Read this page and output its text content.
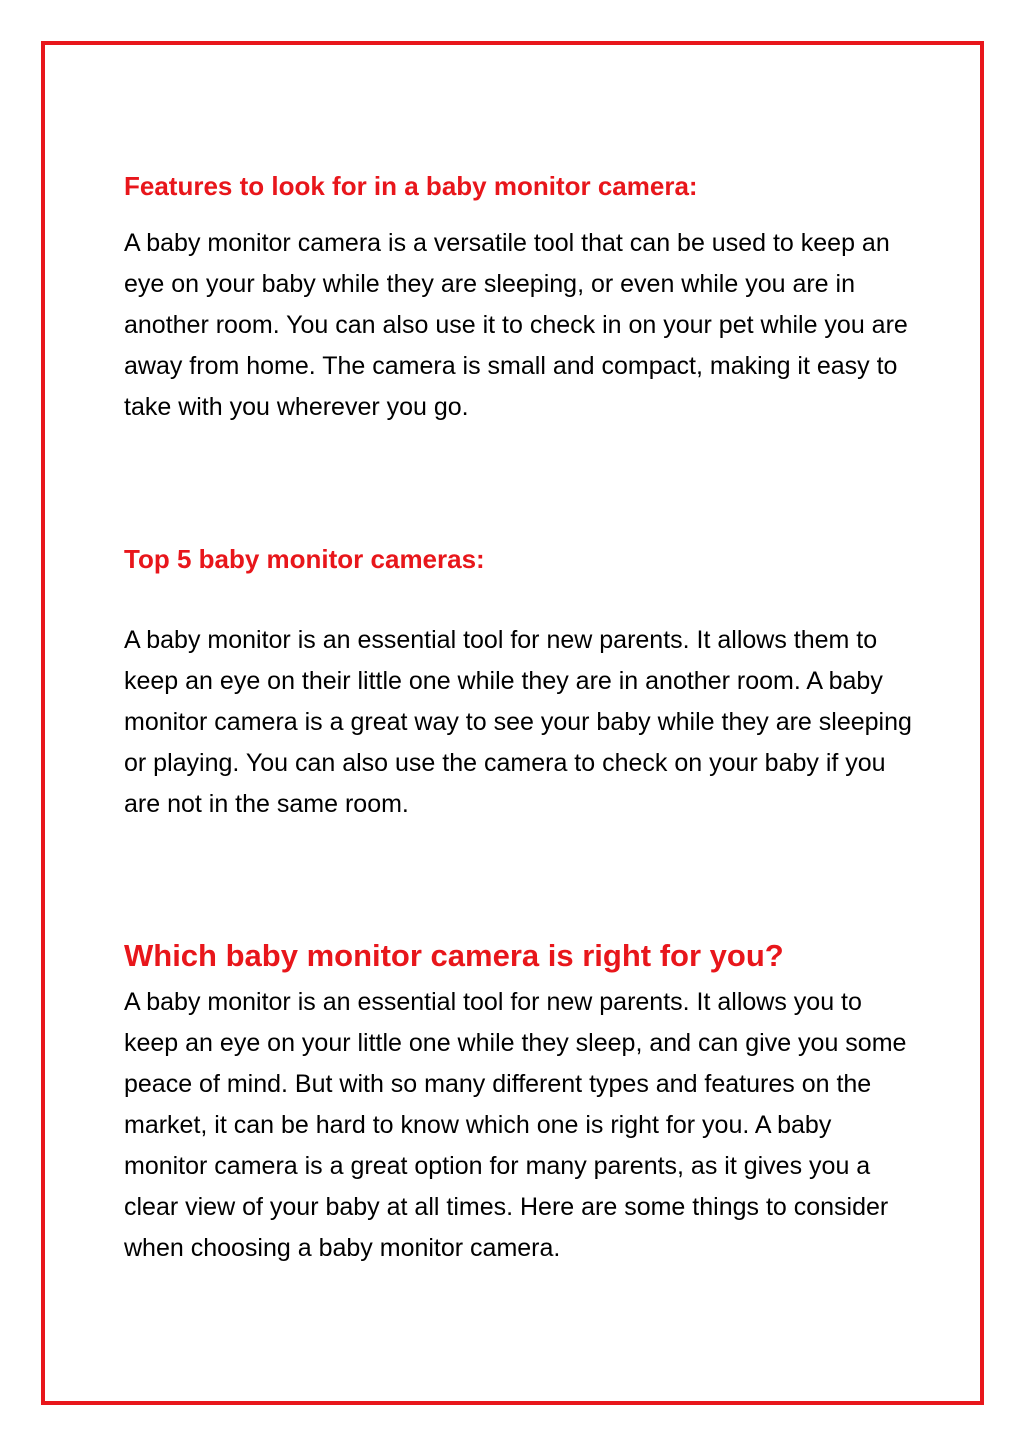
Features to look for in a baby monitor camera:

A baby monitor camera is a versatile tool that can be used to keep an eye on your baby while they are sleeping, or even while you are in another room. You can also use it to check in on your pet while you are away from home. The camera is small and compact, making it easy to take with you wherever you go.

Top 5 baby monitor cameras:

A baby monitor is an essential tool for new parents. It allows them to keep an eye on their little one while they are in another room. A baby monitor camera is a great way to see your baby while they are sleeping or playing. You can also use the camera to check on your baby if you are not in the same room.

Which baby monitor camera is right for you?

A baby monitor is an essential tool for new parents. It allows you to keep an eye on your little one while they sleep, and can give you some peace of mind. But with so many different types and features on the market, it can be hard to know which one is right for you. A baby monitor camera is a great option for many parents, as it gives you a clear view of your baby at all times. Here are some things to consider when choosing a baby monitor camera.
